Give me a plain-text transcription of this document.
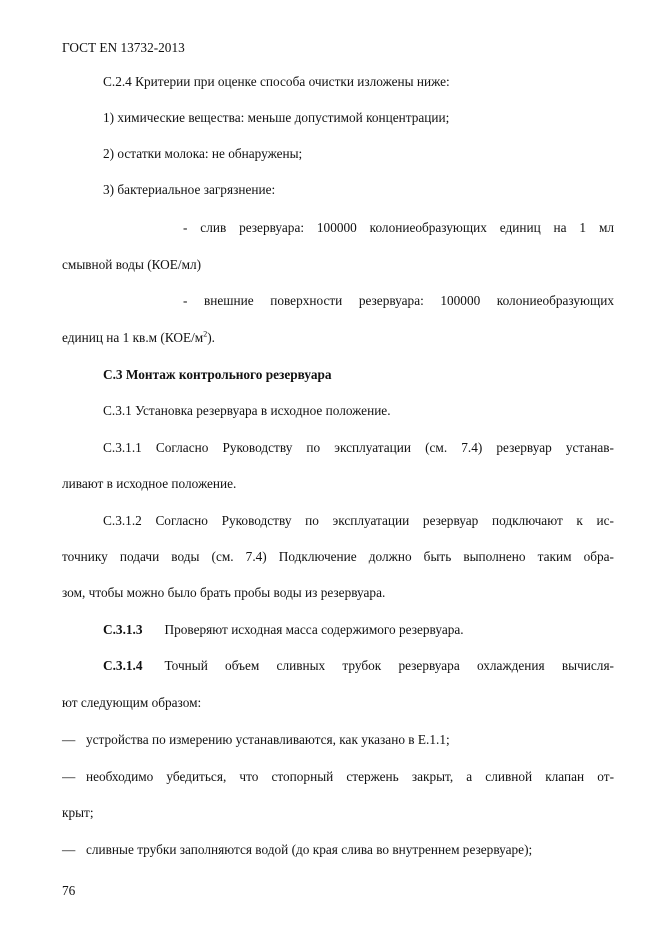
ГОСТ EN 13732-2013
С.2.4 Критерии при оценке способа очистки изложены ниже:
1) химические вещества: меньше допустимой концентрации;
2) остатки молока: не обнаружены;
3) бактериальное загрязнение:
- слив резервуара: 100000 колониеобразующих единиц на 1 мл
смывной воды (КОЕ/мл)
- внешние поверхности резервуара: 100000 колониеобразующих
единиц на 1 кв.м $(КОЕ/м^2)$.
С.3 Монтаж контрольного резервуара
С.3.1 Установка резервуара в исходное положение.
С.3.1.1 Согласно Руководству по эксплуатации (см. 7.4) резервуар устанав-
ливают в исходное положение.
С.3.1.2 Согласно Руководству по эксплуатации резервуар подключают к ис-
точнику подачи воды (см. 7.4) Подключение должно быть выполнено таким обра-
зом, чтобы можно было брать пробы воды из резервуара.
С.3.1.3 Проверяют исходная масса содержимого резервуара.
С.3.1.4 Точный объем сливных трубок резервуара охлаждения вычисля-
ют следующим образом:
— устройства по измерению устанавливаются, как указано в Е.1.1;
— необходимо убедиться, что стопорный стержень закрыт, а сливной клапан от-
крыт;
— сливные трубки заполняются водой (до края слива во внутреннем резервуаре);
76
